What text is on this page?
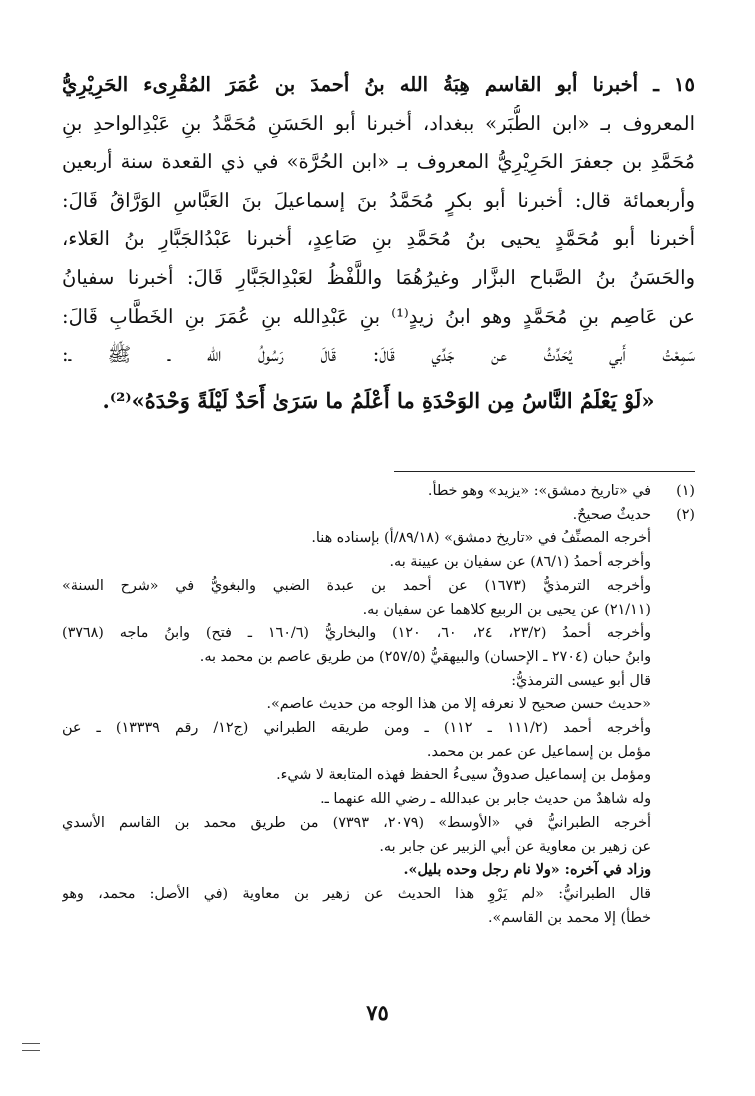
١٥ ـ أخبرنا أبو القاسم هِبَةُ الله بنُ أحمدَ بن عُمَرَ المُقْرِىء الحَرِيْرِيُّ
المعروف بـ «ابن الطُّبَر» ببغداد، أخبرنا أبو الحَسَنِ مُحَمَّدُ بنِ عَبْدِالواحدِ بنِ
مُحَمَّدِ بن جعفرَ الحَرِيْرِيُّ المعروف بـ «ابن الحُرَّة» في ذي القعدة سنة أربعين
وأربعمائة قال: أخبرنا أبو بكرٍ مُحَمَّدُ بنَ إسماعيلَ بنَ العَبَّاسِ الوَرَّاقُ قَالَ:
أخبرنا أبو مُحَمَّدٍ يحيى بنُ مُحَمَّدِ بنِ صَاعِدٍ، أخبرنا عَبْدُالجَبَّارِ بنُ العَلاء،
والحَسَنُ بنُ الصَّباح البزَّار وغيرُهُمَا واللَّفْظُ لعَبْدِالجَبَّارِ قَالَ: أخبرنا سفيانُ
عن عَاصِم بنِ مُحَمَّدٍ وهو ابنُ زيدٍ⁽¹⁾ بنِ عَبْدِالله بنِ عُمَرَ بنِ الخَطَّابِ قَالَ:
سَمِعْتُ أَبي يُحَدِّثُ عن جَدِّي قَالَ: قَالَ رَسُولُ الله ـ ﷺ ـ:
«لَوْ يَعْلَمُ النَّاسُ مِن الوَحْدَةِ ما أَعْلَمُ ما سَرَىٰ أَحَدٌ لَيْلَةً وَحْدَهُ»⁽²⁾.
(١)
في «تاريخ دمشق»: «يزيد» وهو خطأ.
(٢)
حديثٌ صحيحٌ.
أخرجه المصنِّفُ في «تاريخ دمشق» (٨٩/١٨/أ) بإسناده هنا.
وأخرجه أحمدُ (٨٦/١) عن سفيان بن عيينة به.
وأخرجه الترمذيُّ (١٦٧٣) عن أحمد بن عبدة الضبي والبغويُّ في «شرح السنة»
(٢١/١١) عن يحيى بن الربيع كلاهما عن سفيان به.
وأخرجه أحمدُ (٢٣/٢، ٢٤، ٦٠، ١٢٠) والبخاريُّ (١٦٠/٦ ـ فتح) وابنُ ماجه (٣٧٦٨)
وابنُ حبان (٢٧٠٤ ـ الإحسان) والبيهقيُّ (٢٥٧/٥) من طريق عاصم بن محمد به.
قال أبو عيسى الترمذيُّ:
«حديث حسن صحيح لا نعرفه إلا من هذا الوجه من حديث عاصم».
وأخرجه أحمد (١١١/٢ ـ ١١٢) ـ ومن طريقه الطبراني (ج١٢/ رقم ١٣٣٣٩) ـ عن
مؤمل بن إسماعيل عن عمر بن محمد.
ومؤمل بن إسماعيل صدوقٌ سيىءُ الحفظ فهذه المتابعة لا شيء.
وله شاهدٌ من حديث جابر بن عبدالله ـ رضي الله عنهما ـ.
أخرجه الطبرانيُّ في «الأوسط» (٢٠٧٩، ٧٣٩٣) من طريق محمد بن القاسم الأسدي
عن زهير بن معاوية عن أبي الزبير عن جابر به.
وزاد في آخره: «ولا نام رجل وحده بليل».
قال الطبرانيُّ: «لم يَرْوِ هذا الحديث عن زهير بن معاوية (في الأصل: محمد، وهو
خطأ) إلا محمد بن القاسم».
٧٥
